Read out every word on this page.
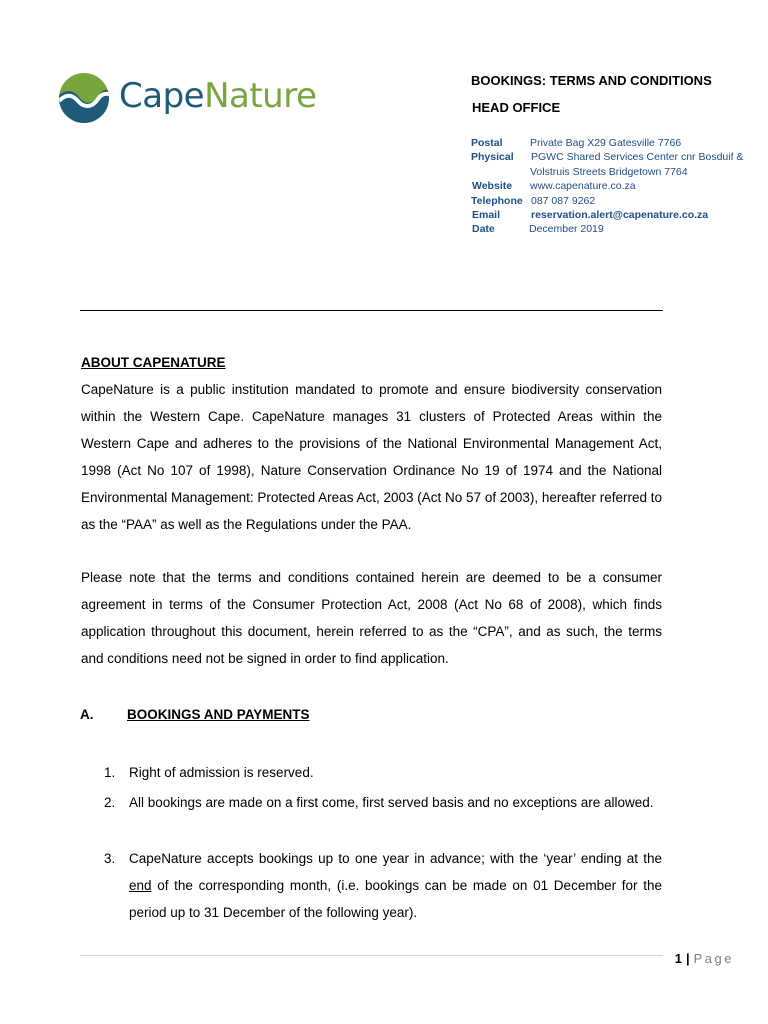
CapeNature	BOOKINGS: TERMS AND CONDITIONS
HEAD OFFICE
Postal	Private Bag X29 Gatesville 7766
Physical PGWC Shared Services Center cnr Bosduif &
Volstruis Streets Bridgetown 7764
Website www.capenature.co.za
Telephone 087 087 9262
Email	reservation.alert@capenature.co.za
Date	December 2019
ABOUT CAPENATURE
CapeNature is a public institution mandated to promote and ensure biodiversity conservation within the Western Cape. CapeNature manages 31 clusters of Protected Areas within the Western Cape and adheres to the provisions of the National Environmental Management Act, 1998 (Act No 107 of 1998), Nature Conservation Ordinance No 19 of 1974 and the National Environmental Management: Protected Areas Act, 2003 (Act No 57 of 2003), hereafter referred to as the “PAA” as well as the Regulations under the PAA.
Please note that the terms and conditions contained herein are deemed to be a consumer agreement in terms of the Consumer Protection Act, 2008 (Act No 68 of 2008), which finds application throughout this document, herein referred to as the “CPA”, and as such, the terms and conditions need not be signed in order to find application.
A. BOOKINGS AND PAYMENTS
1. Right of admission is reserved.
2. All bookings are made on a first come, first served basis and no exceptions are allowed.
3. CapeNature accepts bookings up to one year in advance; with the ‘year’ ending at the end of the corresponding month, (i.e. bookings can be made on 01 December for the period up to 31 December of the following year).
1 | Page
